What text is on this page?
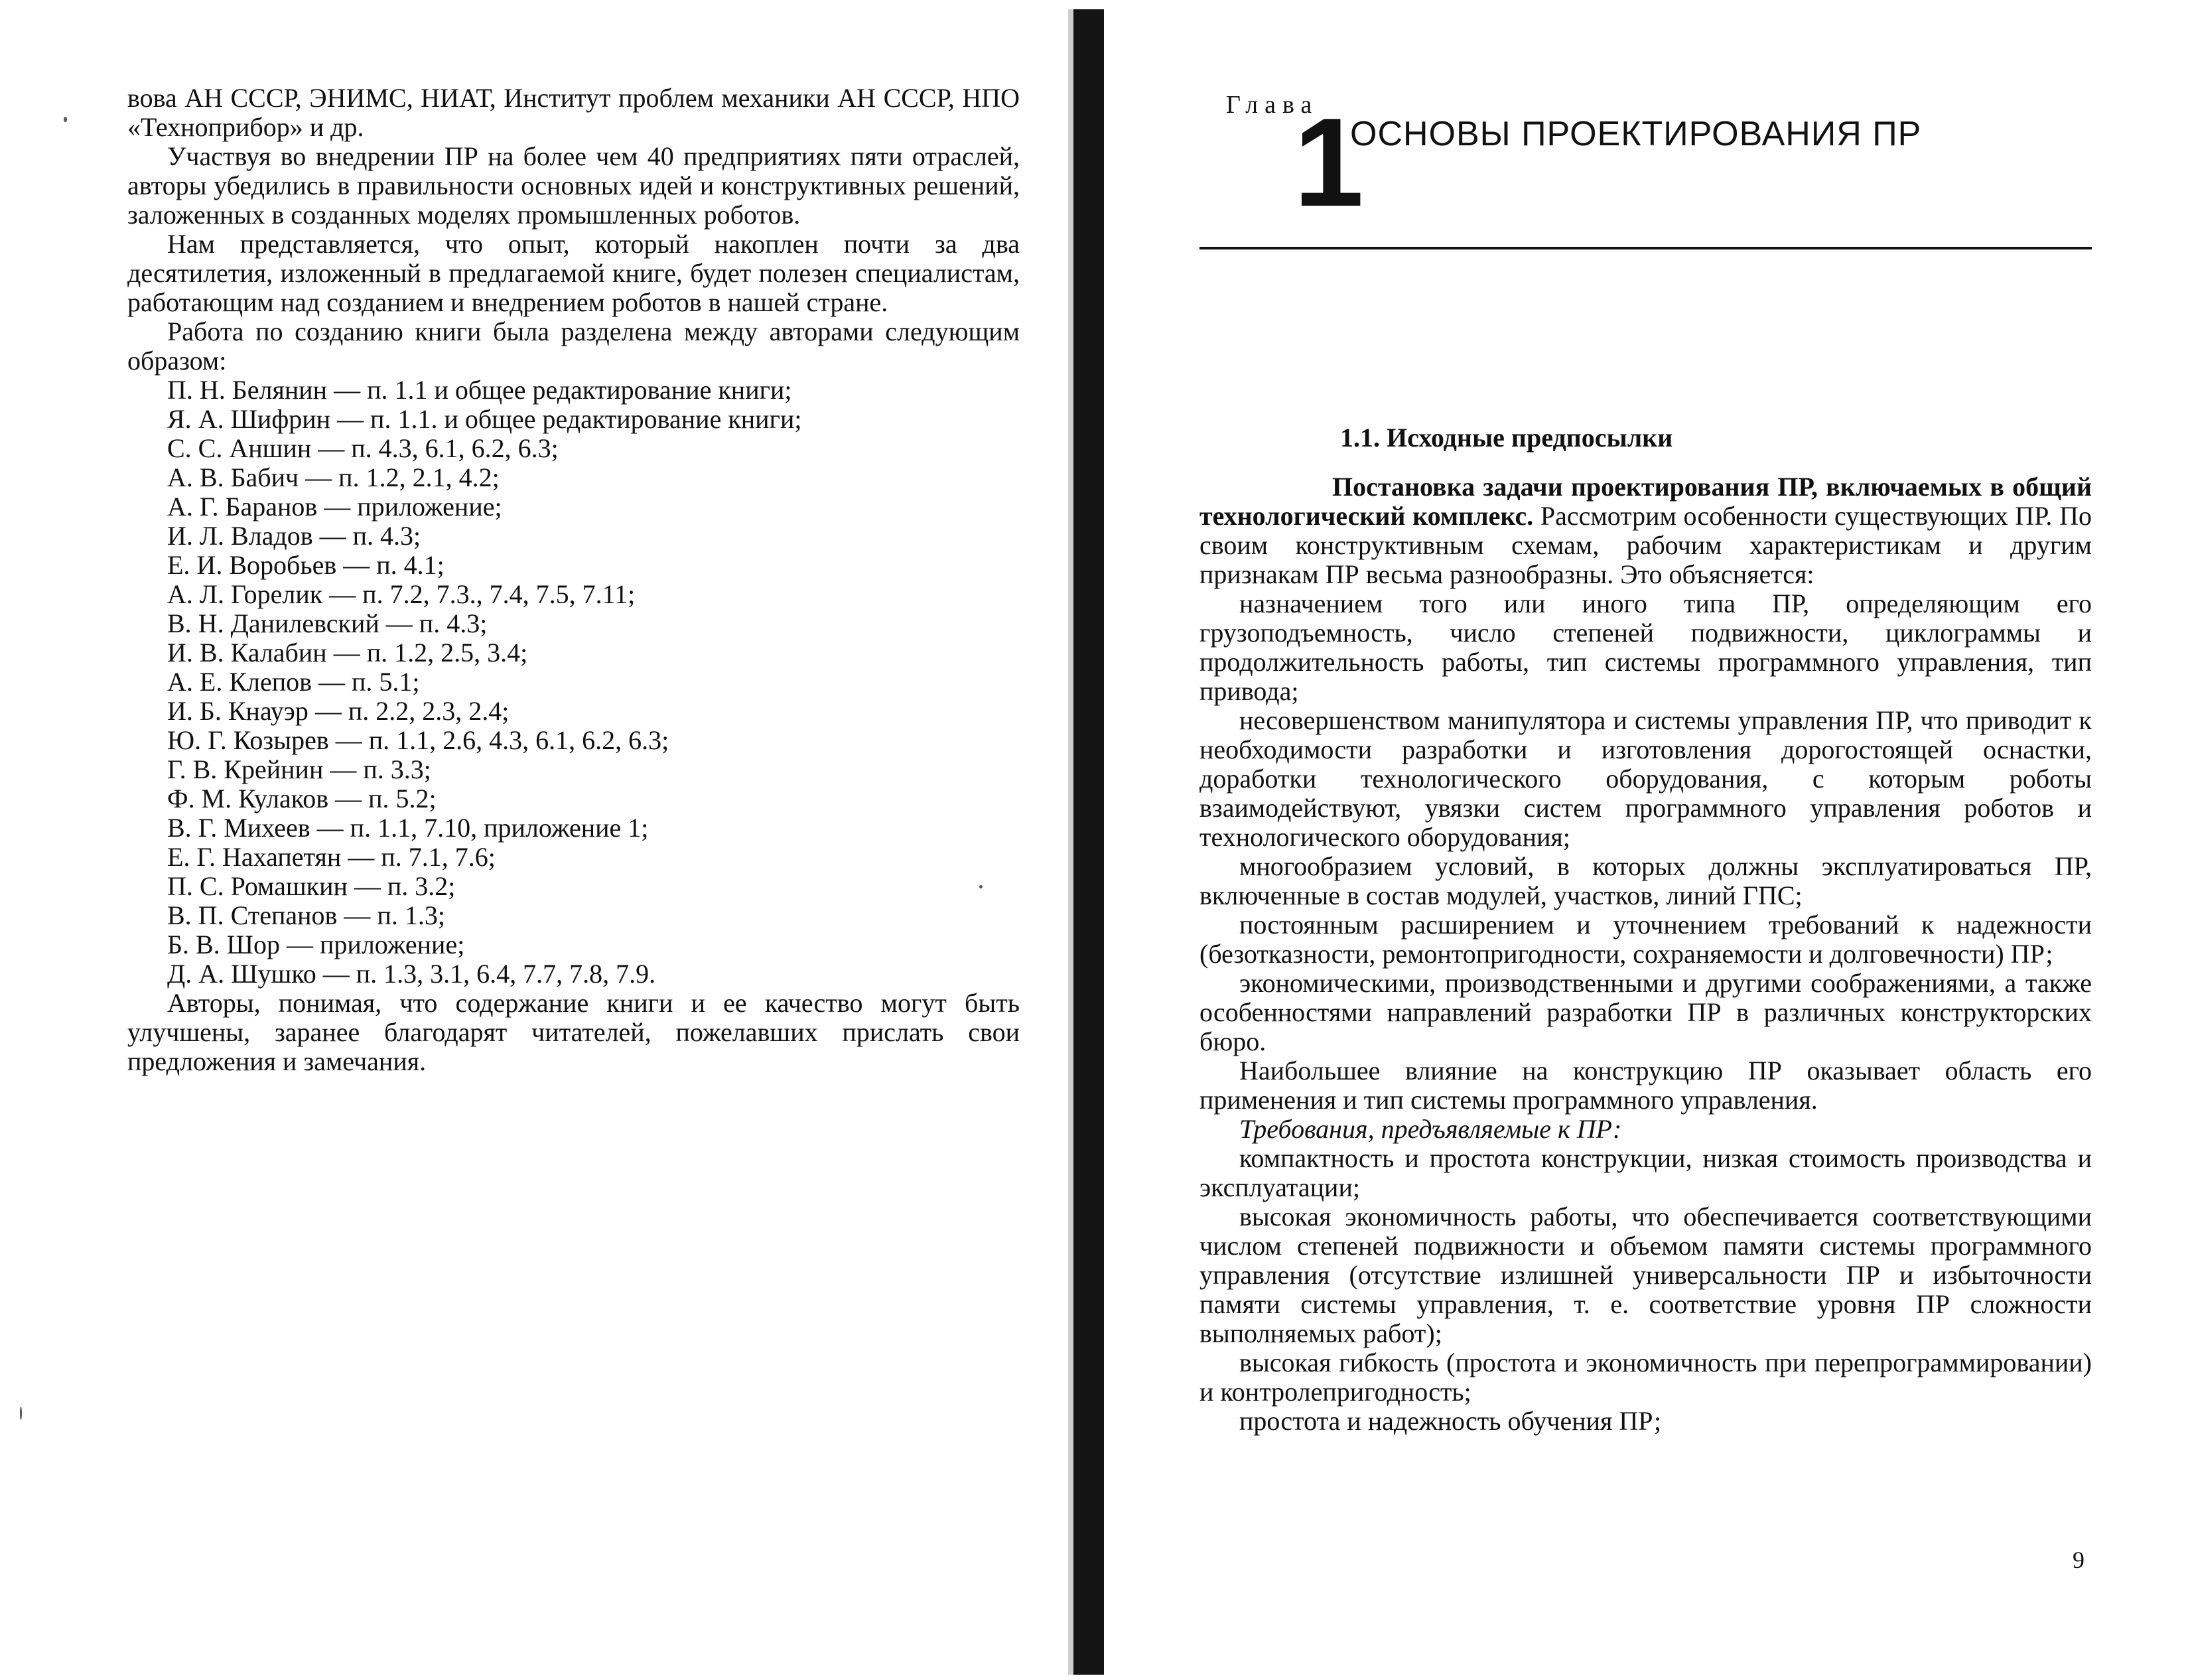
вова АН СССР, ЭНИМС, НИАТ, Институт проблем механики АН СССР, НПО «Технoприбор» и др.

Участвуя во внедрении ПР на более чем 40 предприятиях пяти отраслей, авторы убедились в правильности основных идей и конструктивных решений, заложенных в созданных моделях промышленных роботов.

Нам представляется, что опыт, который накоплен почти за два десятилетия, изложенный в предлагаемой книге, будет полезен специалистам, работающим над созданием и внедрением роботов в нашей стране.

Работа по созданию книги была разделена между авторами следующим образом:

П. Н. Белянин — п. 1.1 и общее редактирование книги;
Я. А. Шифрин — п. 1.1. и общее редактирование книги;
С. С. Аншин — п. 4.3, 6.1, 6.2, 6.3;
А. В. Бабич — п. 1.2, 2.1, 4.2;
А. Г. Баранов — приложение;
И. Л. Владов — п. 4.3;
Е. И. Воробьев — п. 4.1;
А. Л. Горелик — п. 7.2, 7.3., 7.4, 7.5, 7.11;
В. Н. Данилевский — п. 4.3;
И. В. Калабин — п. 1.2, 2.5, 3.4;
А. Е. Клепов — п. 5.1;
И. Б. Кнауэр — п. 2.2, 2.3, 2.4;
Ю. Г. Козырев — п. 1.1, 2.6, 4.3, 6.1, 6.2, 6.3;
Г. В. Крейнин — п. 3.3;
Ф. М. Кулаков — п. 5.2;
В. Г. Михеев — п. 1.1, 7.10, приложение 1;
Е. Г. Нахапетян — п. 7.1, 7.6;
П. С. Ромашкин — п. 3.2;
В. П. Степанов — п. 1.3;
Б. В. Шор — приложение;
Д. А. Шушко — п. 1.3, 3.1, 6.4, 7.7, 7.8, 7.9.

Авторы, понимая, что содержание книги и ее качество могут быть улучшены, заранее благодарят читателей, пожелавших прислать свои предложения и замечания.

Глава
1
ОСНОВЫ ПРОЕКТИРОВАНИЯ ПР
1.1. Исходные предпосылки

Постановка задачи проектирования ПР, включаемых в общий технологический комплекс. Рассмотрим особенности существующих ПР. По своим конструктивным схемам, рабочим характеристикам и другим признакам ПР весьма разнообразны. Это объясняется:

назначением того или иного типа ПР, определяющим его грузоподъемность, число степеней подвижности, циклограммы и продолжительность работы, тип системы программного управления, тип привода;

несовершенством манипулятора и системы управления ПР, что приводит к необходимости разработки и изготовления дорогостоящей оснастки, доработки технологического оборудования, с которым роботы взаимодействуют, увязки систем программного управления роботов и технологического оборудования;

многообразием условий, в которых должны эксплуатироваться ПР, включенные в состав модулей, участков, линий ГПС;

постоянным расширением и уточнением требований к надежности (безотказности, ремонтопригодности, сохраняемости и долговечности) ПР;

экономическими, производственными и другими соображениями, а также особенностями направлений разработки ПР в различных конструкторских бюро.

Наибольшее влияние на конструкцию ПР оказывает область его применения и тип системы программного управления.

Требования, предъявляемые к ПР:

компактность и простота конструкции, низкая стоимость производства и эксплуатации;

высокая экономичность работы, что обеспечивается соответствующими числом степеней подвижности и объемом памяти системы программного управления (отсутствие излишней универсальности ПР и избыточности памяти системы управления, т. е. соответствие уровня ПР сложности выполняемых работ);

высокая гибкость (простота и экономичность при перепрограммировании) и контролепригодность;

простота и надежность обучения ПР;

9
